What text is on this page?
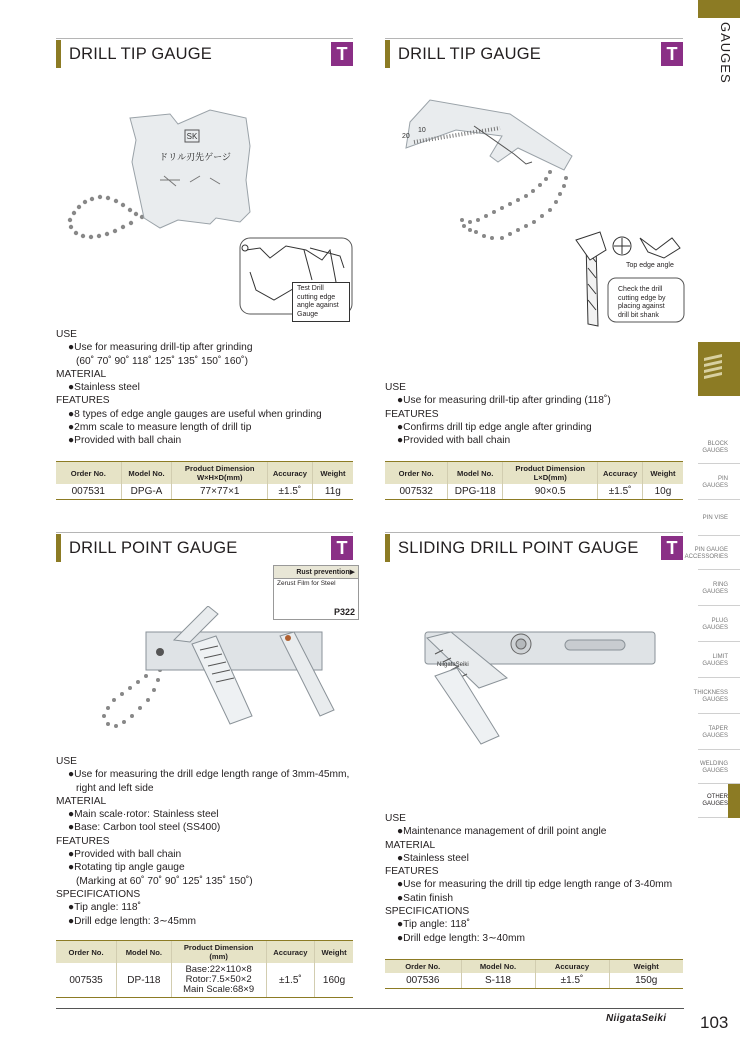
GAUGES
BLOCK GAUGES
PIN GAUGES
PIN VISE
PIN GAUGE ACCESSORIES
RING GAUGES
PLUG GAUGES
LIMIT GAUGES
THICKNESS GAUGES
TAPER GAUGES
WELDING GAUGES
OTHER GAUGES
DRILL TIP GAUGE	T
SK
ドリル刃先ゲージ
Test Drill cutting edge angle against Gauge
USE
●Use for measuring drill-tip after grinding
(60˚ 70˚ 90˚ 118˚ 125˚ 135˚ 150˚ 160˚)
MATERIAL
●Stainless steel
FEATURES
●8 types of edge angle gauges are useful when grinding
●2mm scale to measure length of drill tip
●Provided with ball chain
Order No.	Model No.	Product Dimension W×H×D(mm)	Accuracy	Weight
007531	DPG-A	77×77×1	±1.5˚	11g
DRILL TIP GAUGE	T
20
10
Top edge angle
Check the drill cutting edge by placing against drill bit shank
USE
●Use for measuring drill-tip after grinding (118˚)
FEATURES
●Confirms drill tip edge angle after grinding
●Provided with ball chain
Order No.	Model No.	Product Dimension L×D(mm)	Accuracy	Weight
007532	DPG-118	90×0.5	±1.5˚	10g
DRILL POINT GAUGE	T
Rust prevention▶
Zerust Film for Steel
P322
USE
●Use for measuring the drill edge length range of 3mm-45mm,
right and left side
MATERIAL
●Main scale·rotor: Stainless steel
●Base: Carbon tool steel (SS400)
FEATURES
●Provided with ball chain
●Rotating tip angle gauge
(Marking at 60˚ 70˚ 90˚ 125˚ 135˚ 150˚)
SPECIFICATIONS
●Tip angle: 118˚
●Drill edge length: 3∼45mm
Order No.	Model No.	Product Dimension (mm)	Accuracy	Weight
007535	DP-118	Base:22×110×8
Rotor:7.5×50×2
Main Scale:68×9	±1.5˚	160g
SLIDING DRILL POINT GAUGE	T
NiigataSeiki
USE
●Maintenance management of drill point angle
MATERIAL
●Stainless steel
FEATURES
●Use for measuring the drill tip edge length range of 3-40mm
●Satin finish
SPECIFICATIONS
●Tip angle: 118˚
●Drill edge length: 3∼40mm
Order No.	Model No.	Accuracy	Weight
007536	S-118	±1.5˚	150g
NiigataSeiki 103
